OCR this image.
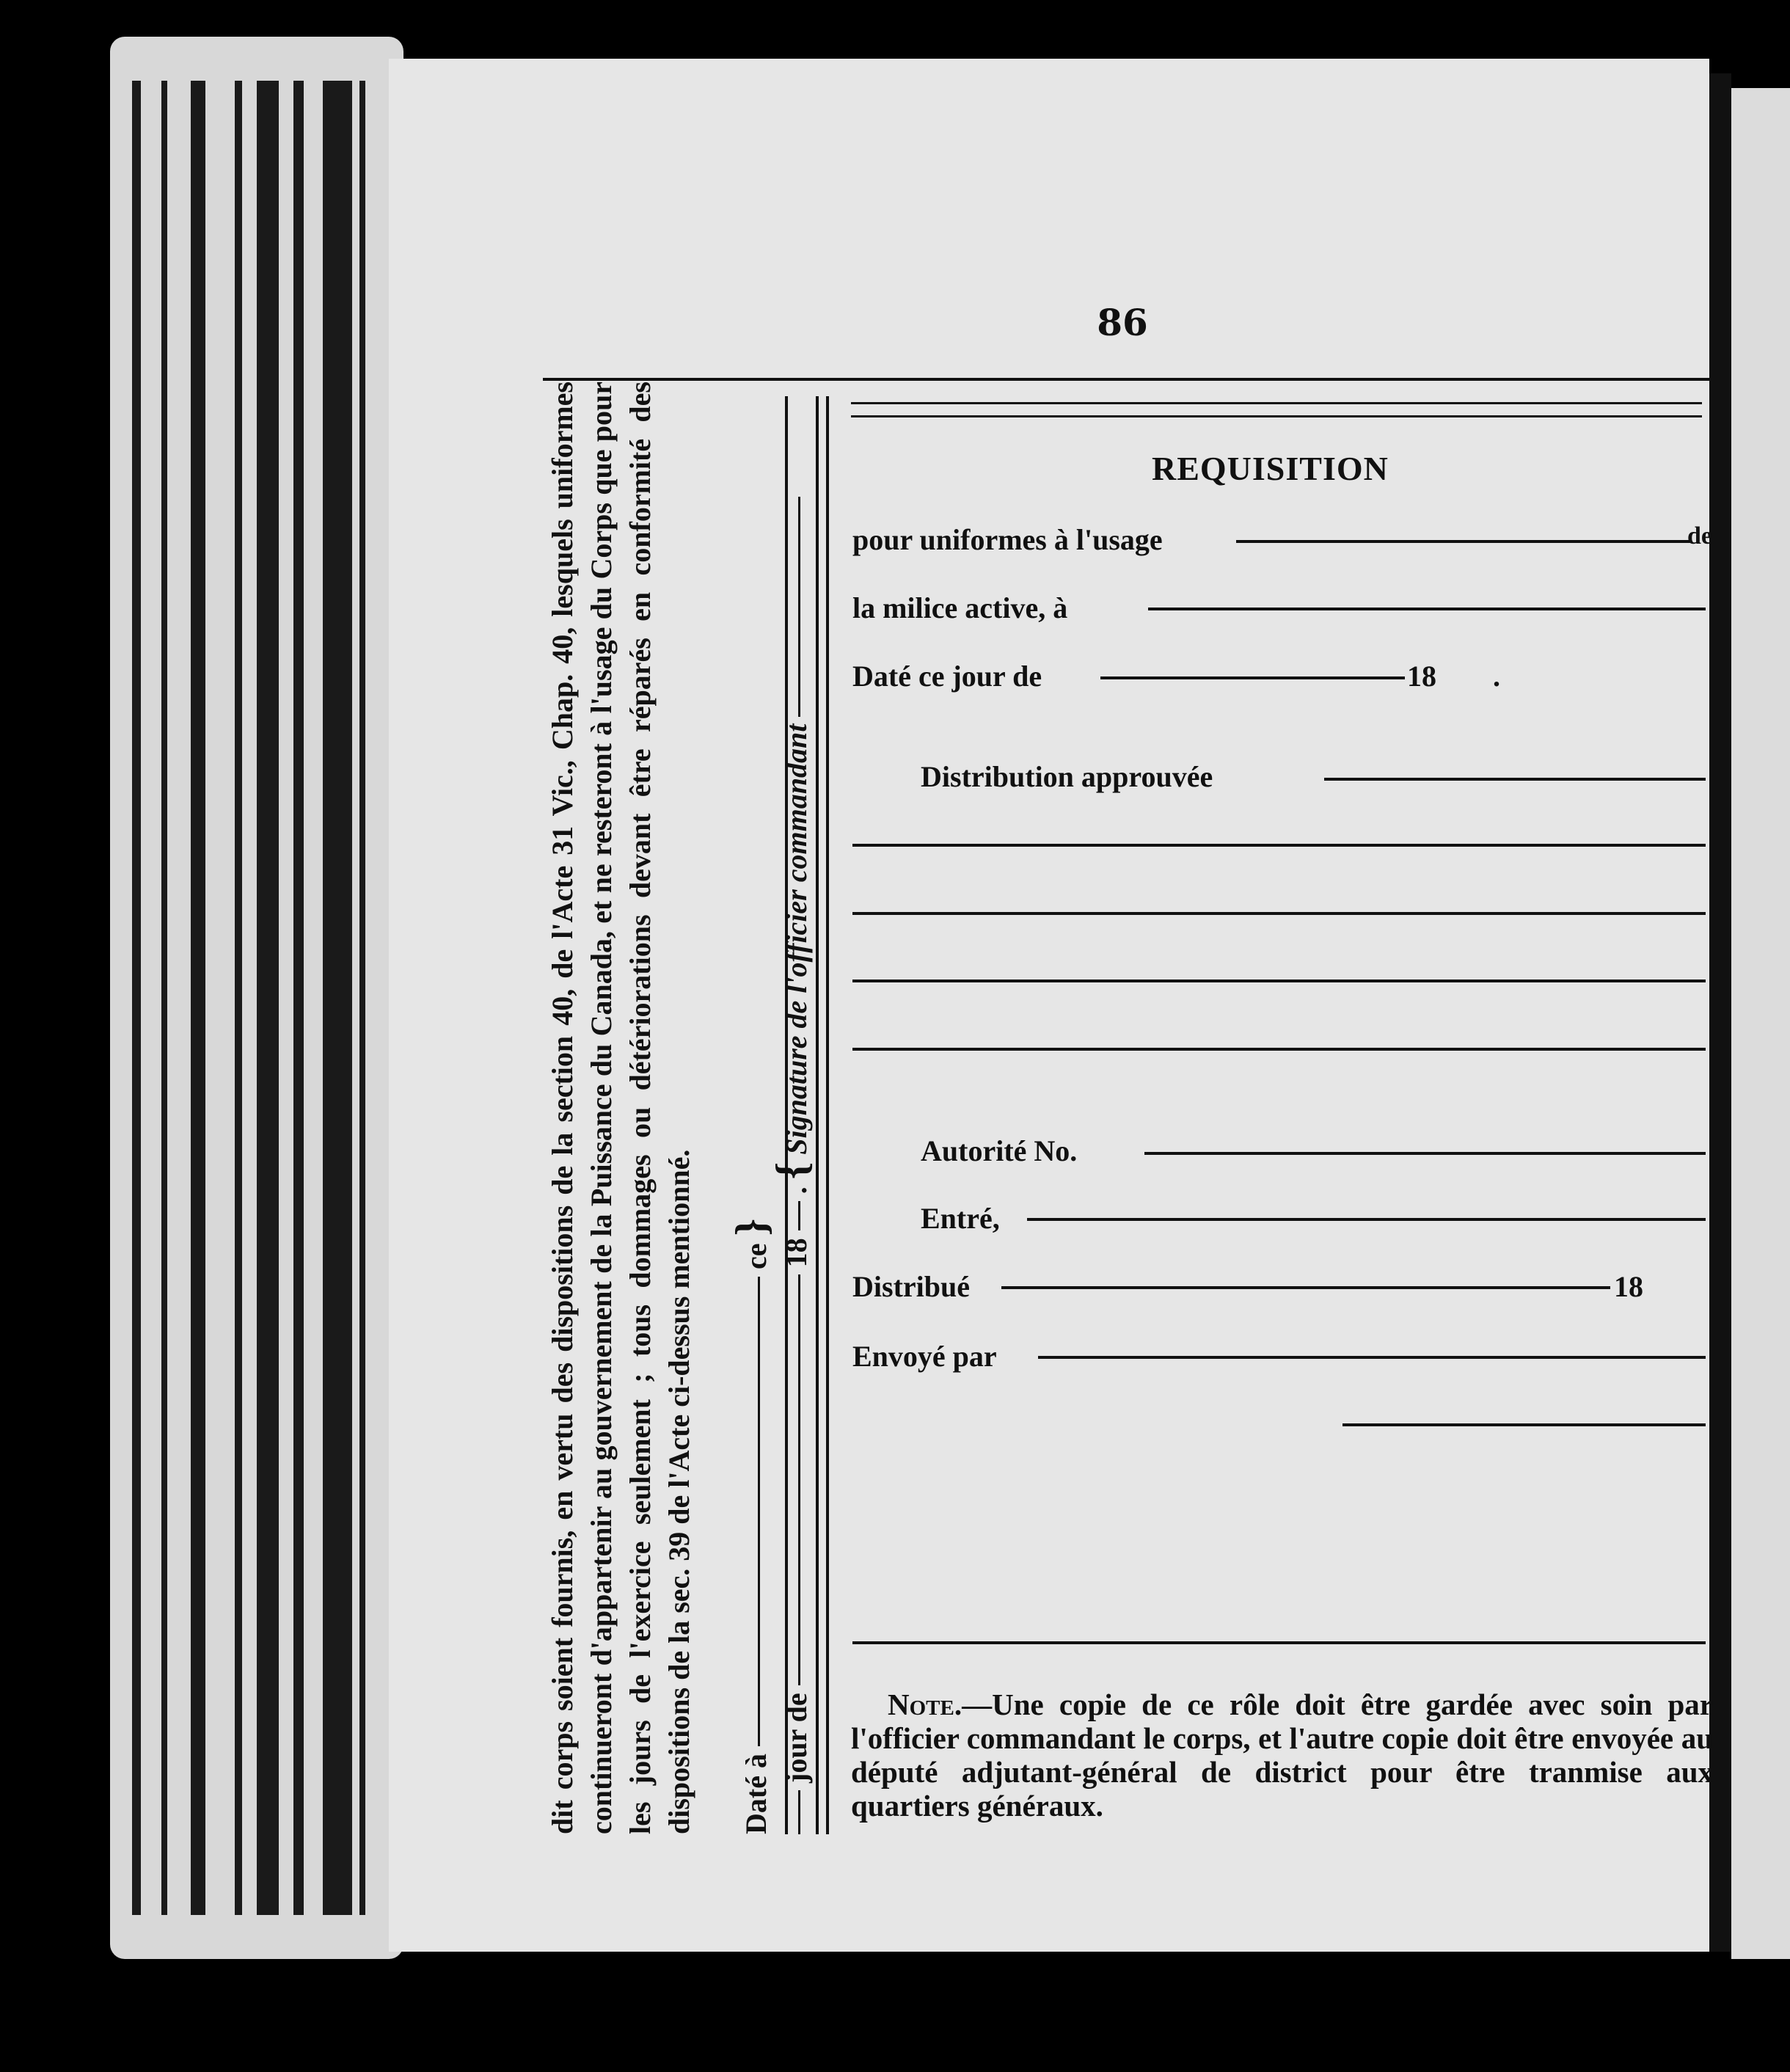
86
dit corps soient fournis, en vertu des dispositions de la section 40, de l'Acte 31 Vic., Chap. 40, lesquels uniformes continueront d'appartenir au gouvernement de la Puissance du Canada, et ne resteront à l'usage du Corps que pour les jours de l'exercice seulement ; tous dommages ou détériorations devant être réparés en conformité des dispositions de la sec. 39 de l'Acte ci-dessus mentionné.	Daté à  ce }
jour de  18  . { Signature de l'officier commandant
REQUISITION
pour uniformes à l'usage	de
la milice active, à
Daté ce jour de	18 .
Distribution approuvée
Autorité No.
Entré,
Distribué	18
Envoyé par
Note.—Une copie de ce rôle doit être gardée avec soin par l'officier commandant le corps, et l'autre copie doit être envoyée au député adjutant-général de district pour être tranmise aux quartiers généraux.
